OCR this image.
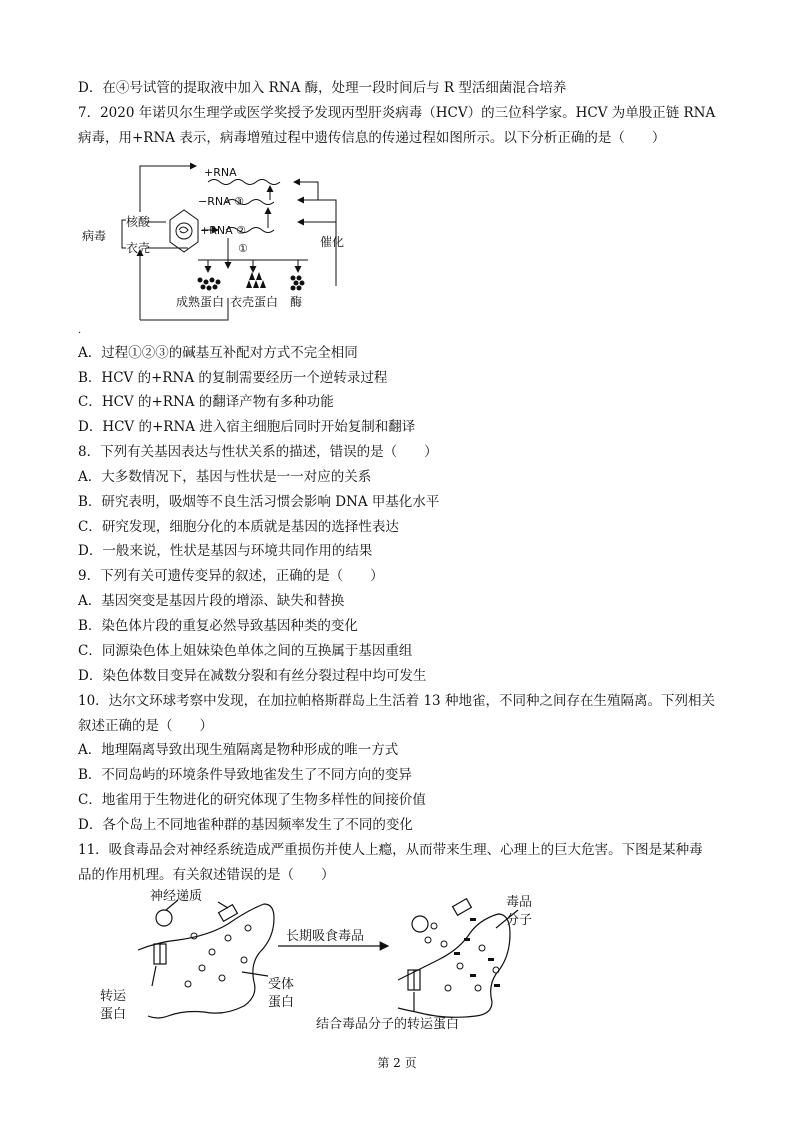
D．在④号试管的提取液中加入 RNA 酶，处理一段时间后与 R 型活细菌混合培养
7．2020 年诺贝尔生理学或医学奖授予发现丙型肝炎病毒（HCV）的三位科学家。HCV 为单股正链 RNA
病毒，用+RNA 表示，病毒增殖过程中遗传信息的传递过程如图所示。以下分析正确的是（　　）
+RNA
−RNA ③
+RNA ②
①
核酸
衣壳
病毒	催化
成熟蛋白 衣壳蛋白 酶
.
A．过程①②③的碱基互补配对方式不完全相同
B．HCV 的+RNA 的复制需要经历一个逆转录过程
C．HCV 的+RNA 的翻译产物有多种功能
D．HCV 的+RNA 进入宿主细胞后同时开始复制和翻译
8．下列有关基因表达与性状关系的描述，错误的是（　　）
A．大多数情况下，基因与性状是一一对应的关系
B．研究表明，吸烟等不良生活习惯会影响 DNA 甲基化水平
C．研究发现，细胞分化的本质就是基因的选择性表达
D．一般来说，性状是基因与环境共同作用的结果
9．下列有关可遗传变异的叙述，正确的是（　　）
A．基因突变是基因片段的增添、缺失和替换
B．染色体片段的重复必然导致基因种类的变化
C．同源染色体上姐妹染色单体之间的互换属于基因重组
D．染色体数目变异在减数分裂和有丝分裂过程中均可发生
10．达尔文环球考察中发现，在加拉帕格斯群岛上生活着 13 种地雀，不同种之间存在生殖隔离。下列相关
叙述正确的是（　　）
A．地理隔离导致出现生殖隔离是物种形成的唯一方式
B．不同岛屿的环境条件导致地雀发生了不同方向的变异
C．地雀用于生物进化的研究体现了生物多样性的间接价值
D．各个岛上不同地雀种群的基因频率发生了不同的变化
11．吸食毒品会对神经系统造成严重损伤并使人上瘾，从而带来生理、心理上的巨大危害。下图是某种毒
品的作用机理。有关叙述错误的是（　　）
神经递质
长期吸食毒品
毒品
分子
转运
蛋白
受体
蛋白
结合毒品分子的转运蛋白
第 2 页
